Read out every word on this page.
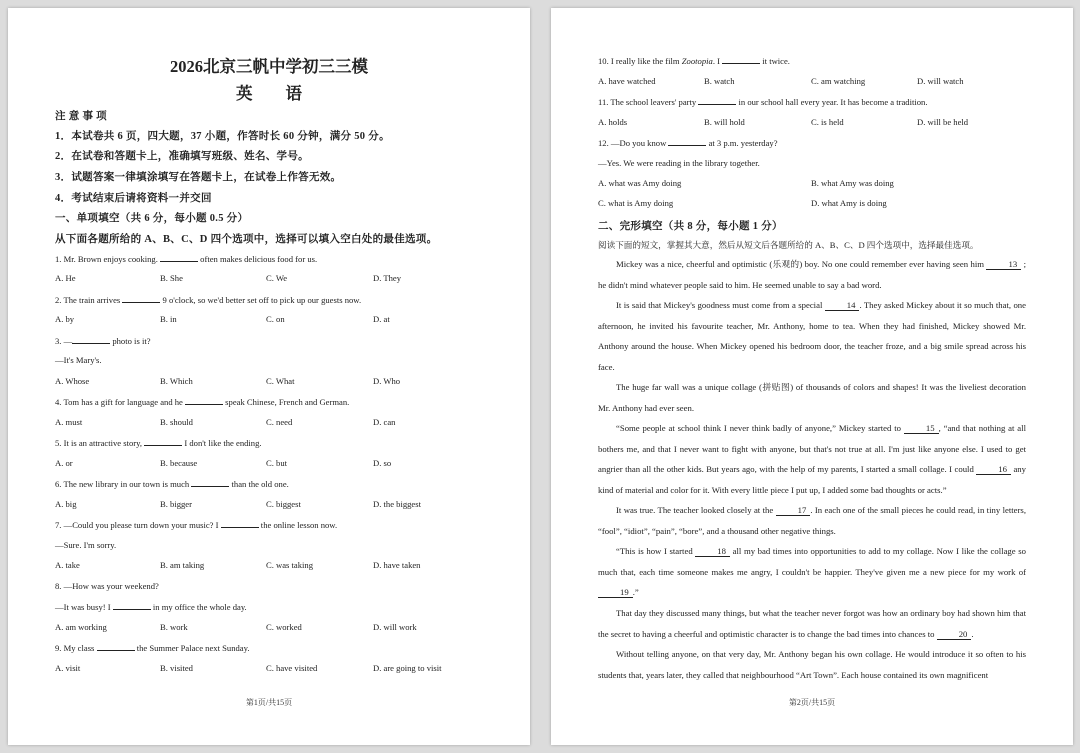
2026北京三帆中学初三三模
英　　语
注 意 事 项
1．本试卷共 6 页，四大题，37 小题，作答时长 60 分钟，满分 50 分。
2．在试卷和答题卡上，准确填写班级、姓名、学号。
3．试题答案一律填涂填写在答题卡上，在试卷上作答无效。
4．考试结束后请将资料一并交回
一、单项填空（共 6 分，每小题 0.5 分）
从下面各题所给的 A、B、C、D 四个选项中，选择可以填入空白处的最佳选项。
1. Mr. Brown enjoys cooking.	often makes delicious food for us.
A. He	B. She	C. We	D. They
2. The train arrives	9 o'clock, so we'd better set off to pick up our guests now.
A. by	B. in	C. on	D. at
3. —	photo is it?
—It's Mary's.
A. Whose	B. Which	C. What	D. Who
4. Tom has a gift for language and he	speak Chinese, French and German.
A. must	B. should	C. need	D. can
5. It is an attractive story,	I don't like the ending.
A. or	B. because	C. but	D. so
6. The new library in our town is much	than the old one.
A. big	B. bigger	C. biggest	D. the biggest
7. —Could you please turn down your music? I	the online lesson now.
—Sure. I'm sorry.
A. take	B. am taking	C. was taking	D. have taken
8. —How was your weekend?
—It was busy! I	in my office the whole day.
A. am working	B. work	C. worked	D. will work
9. My class	the Summer Palace next Sunday.
A. visit	B. visited	C. have visited	D. are going to visit
第1页/共15页
10. I really like the film Zootopia. I	it twice.
A. have watched	B. watch	C. am watching	D. will watch
11. The school leavers' party	in our school hall every year. It has become a tradition.
A. holds	B. will hold	C. is held	D. will be held
12. —Do you know	at 3 p.m. yesterday?
—Yes. We were reading in the library together.
A. what was Amy doing	B. what Amy was doing
C. what is Amy doing	D. what Amy is doing
二、完形填空（共 8 分，每小题 1 分）
阅读下面的短文，掌握其大意，然后从短文后各题所给的 A、B、C、D 四个选项中，选择最佳选项。
Mickey was a nice, cheerful and optimistic (乐观的) boy. No one could remember ever having seen him	13 ; he didn't mind whatever people said to him. He seemed unable to say a bad word.
It is said that Mickey's goodness must come from a special	14 . They asked Mickey about it so much that, one afternoon, he invited his favourite teacher, Mr. Anthony, home to tea. When they had finished, Mickey showed Mr. Anthony around the house. When Mickey opened his bedroom door, the teacher froze, and a big smile spread across his face.
The huge far wall was a unique collage (拼贴图) of thousands of colors and shapes! It was the liveliest decoration Mr. Anthony had ever seen.
“Some people at school think I never think badly of anyone,” Mickey started to	15 , “and that nothing at all bothers me, and that I never want to fight with anyone, but that's not true at all. I'm just like anyone else. I used to get angrier than all the other kids. But years ago, with the help of my parents, I started a small collage. I could	16 any kind of material and color for it. With every little piece I put up, I added some bad thoughts or acts.”
It was true. The teacher looked closely at the	17 . In each one of the small pieces he could read, in tiny letters, “fool”, “idiot”, “pain”, “bore”, and a thousand other negative things.
“This is how I started	18 all my bad times into opportunities to add to my collage. Now I like the collage so much that, each time someone makes me angry, I couldn't be happier. They've given me a new piece for my work of 19 .”
That day they discussed many things, but what the teacher never forgot was how an ordinary boy had shown him that the secret to having a cheerful and optimistic character is to change the bad times into chances to	20 .
Without telling anyone, on that very day, Mr. Anthony began his own collage. He would introduce it so often to his students that, years later, they called that neighbourhood “Art Town”. Each house contained its own magnificent
第2页/共15页
